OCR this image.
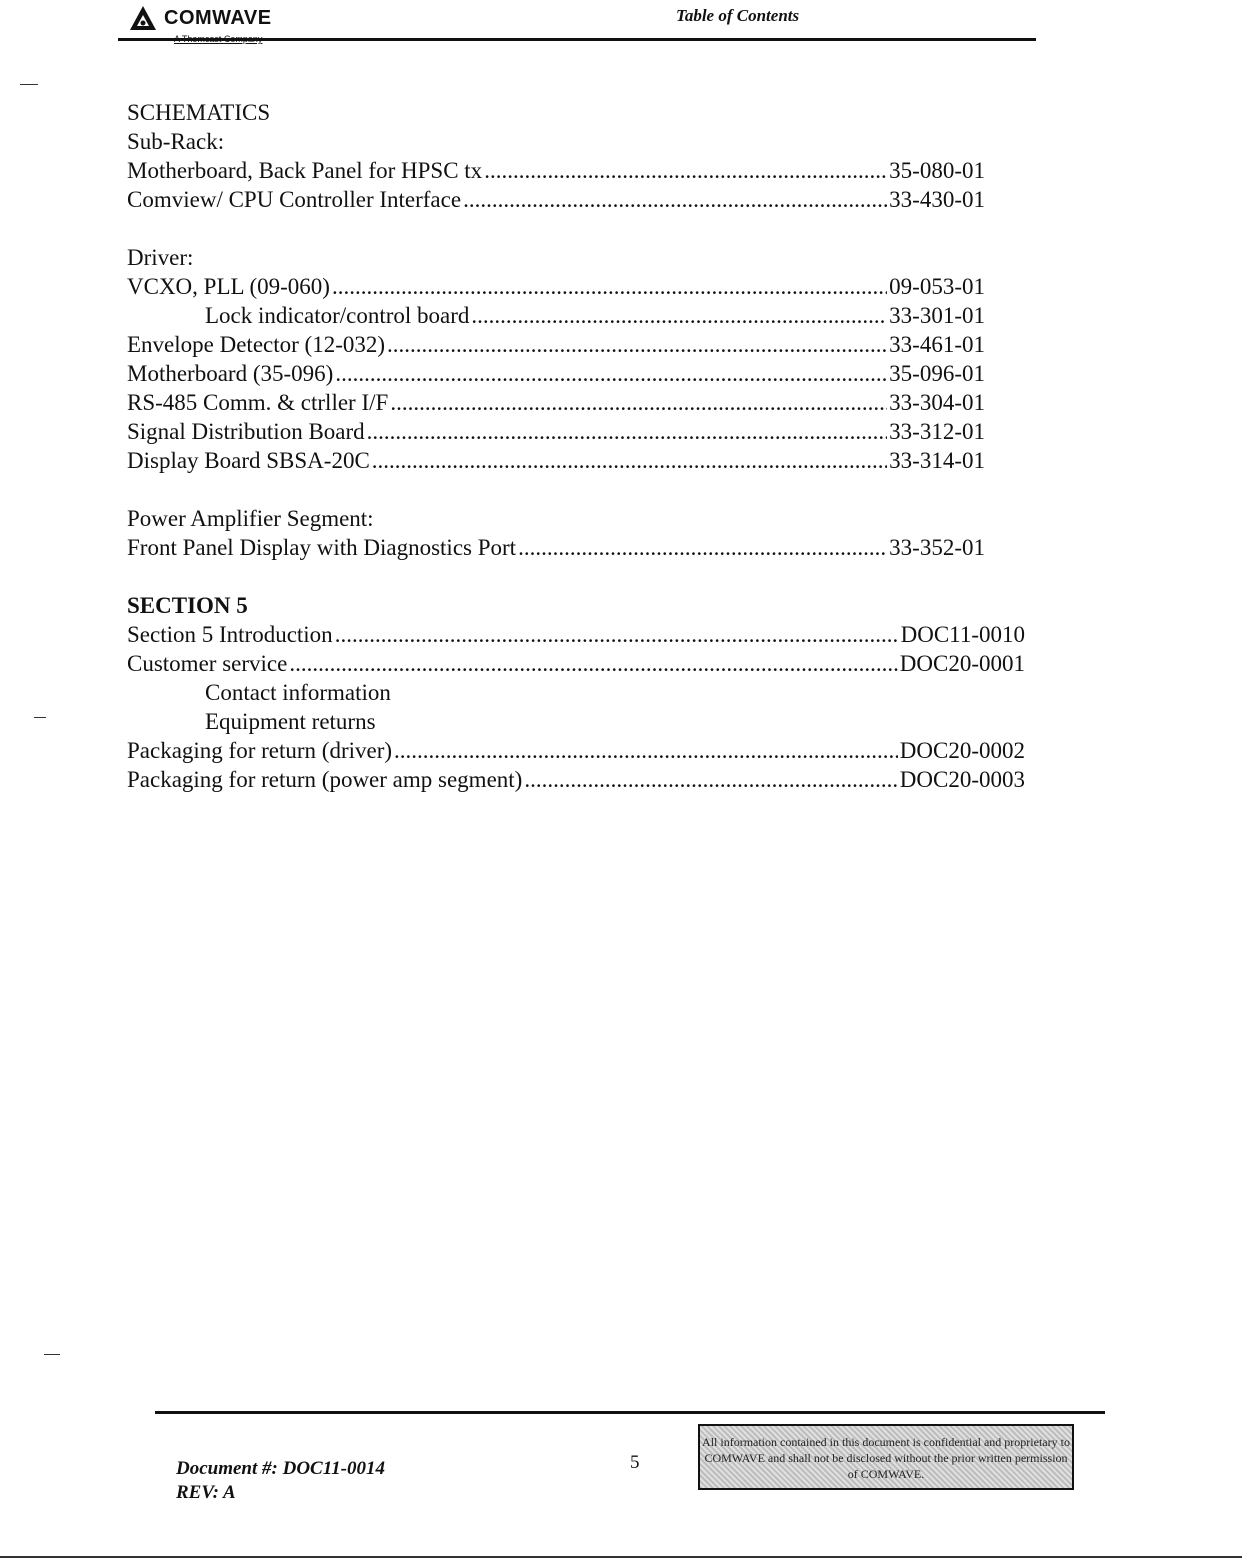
COMWAVE	Table of Contents
SCHEMATICS
Sub-Rack:
Motherboard, Back Panel for HPSC tx .....	35-080-01
Comview/ CPU Controller Interface .....	33-430-01
Driver:
VCXO, PLL (09-060) .....	09-053-01
Lock indicator/control board .....	33-301-01
Envelope Detector (12-032) .....	33-461-01
Motherboard (35-096) .....	35-096-01
RS-485 Comm. & ctrller I/F .....	33-304-01
Signal Distribution Board .....	33-312-01
Display Board SBSA-20C .....	33-314-01
Power Amplifier Segment:
Front Panel Display with Diagnostics Port .....	33-352-01
SECTION 5
Section 5 Introduction .....	DOC11-0010
Customer service .....	DOC20-0001
Contact information
Equipment returns
Packaging for return (driver) .....	DOC20-0002
Packaging for return (power amp segment) .....	DOC20-0003
Document #: DOC11-0014
REV: A
5
All information contained in this document is confidential and proprietary to COMWAVE and shall not be disclosed without the prior written permission of COMWAVE.
